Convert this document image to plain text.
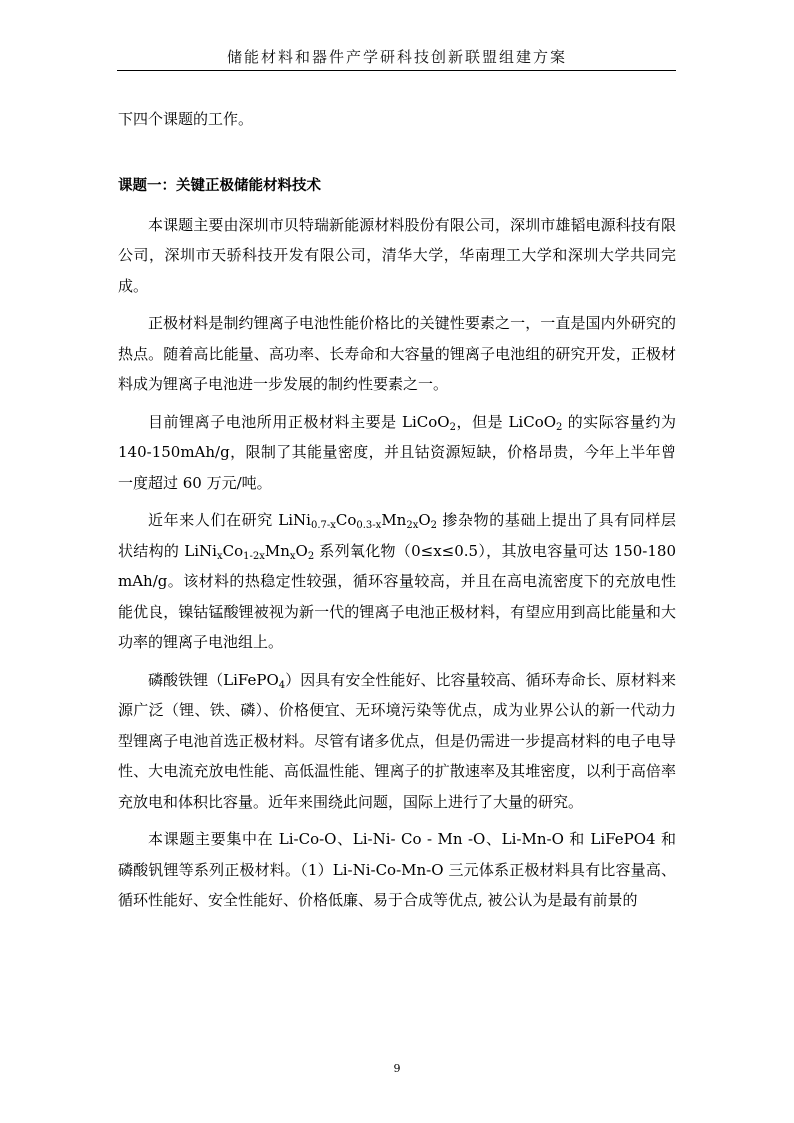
储能材料和器件产学研科技创新联盟组建方案

下四个课题的工作。

课题一：关键正极储能材料技术

本课题主要由深圳市贝特瑞新能源材料股份有限公司，深圳市雄韬电源科技有限公司，深圳市天骄科技开发有限公司，清华大学，华南理工大学和深圳大学共同完成。

正极材料是制约锂离子电池性能价格比的关键性要素之一，一直是国内外研究的热点。随着高比能量、高功率、长寿命和大容量的锂离子电池组的研究开发，正极材料成为锂离子电池进一步发展的制约性要素之一。

目前锂离子电池所用正极材料主要是 LiCoO$_2$，但是 LiCoO$_2$ 的实际容量约为 140-150mAh/g，限制了其能量密度，并且钴资源短缺，价格昂贵，今年上半年曾一度超过 60 万元/吨。

近年来人们在研究 $LiNi_{0.7-x}Co_{0.3-x}Mn_{2x}O_2$ 掺杂物的基础上提出了具有同样层状结构的 $LiNi_xCo_{1-2x}Mn_xO_2$ 系列氧化物（0≤x≤0.5），其放电容量可达 150-180 mAh/g。该材料的热稳定性较强，循环容量较高，并且在高电流密度下的充放电性能优良，镍钴锰酸锂被视为新一代的锂离子电池正极材料，有望应用到高比能量和大功率的锂离子电池组上。

磷酸铁锂（LiFePO$_4$）因具有安全性能好、比容量较高、循环寿命长、原材料来源广泛（锂、铁、磷）、价格便宜、无环境污染等优点，成为业界公认的新一代动力型锂离子电池首选正极材料。尽管有诸多优点，但是仍需进一步提高材料的电子电导性、大电流充放电性能、高低温性能、锂离子的扩散速率及其堆密度，以利于高倍率充放电和体积比容量。近年来围绕此问题，国际上进行了大量的研究。

本课题主要集中在 Li-Co-O、Li-Ni- Co - Mn -O、Li-Mn-O 和 LiFePO4 和磷酸钒锂等系列正极材料。（1）Li-Ni-Co-Mn-O 三元体系正极材料具有比容量高、循环性能好、安全性能好、价格低廉、易于合成等优点, 被公认为是最有前景的

9
